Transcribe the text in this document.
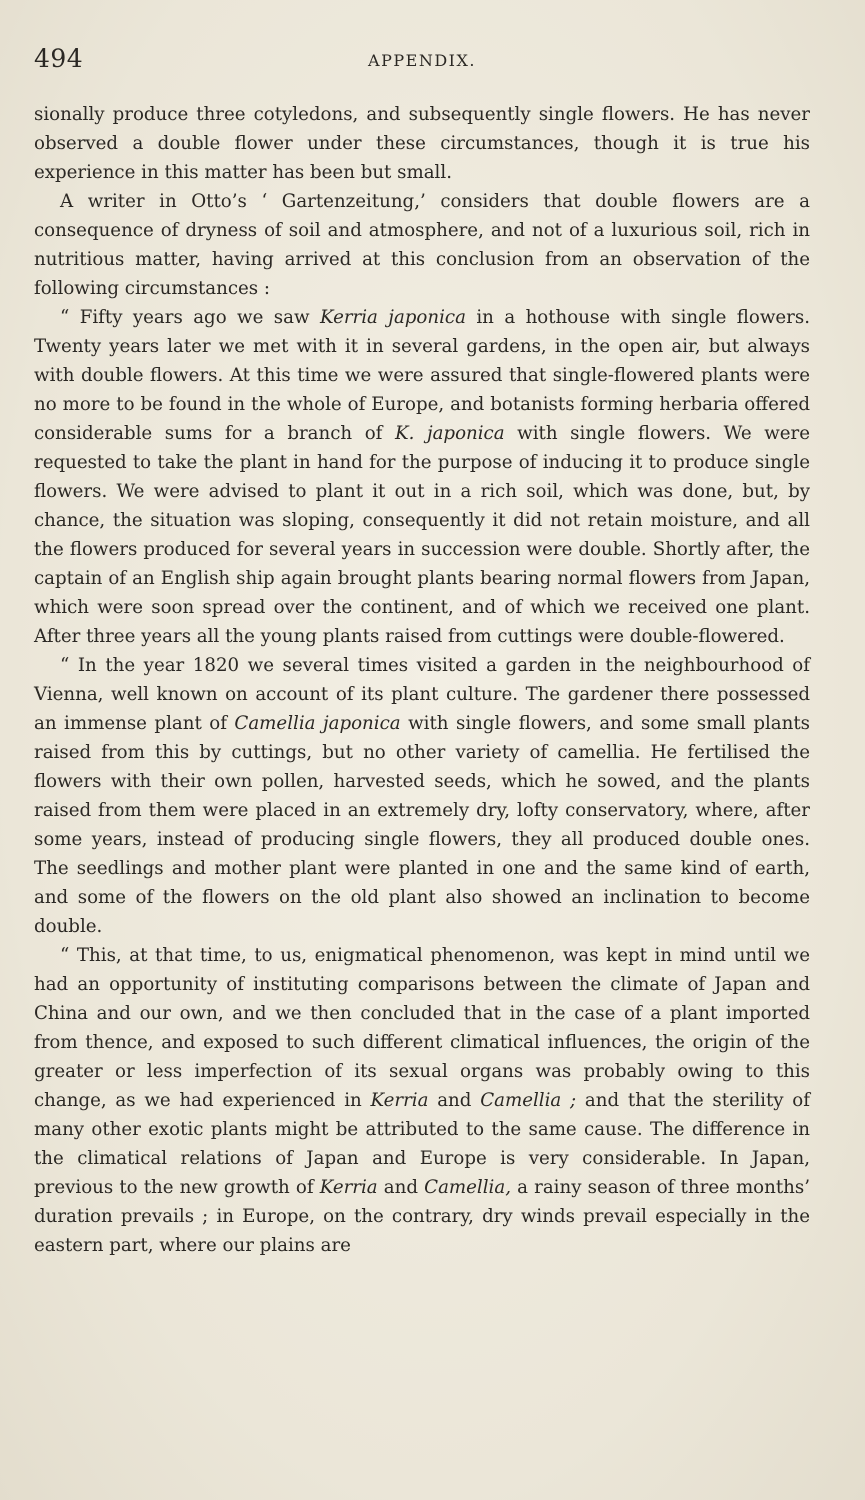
494	APPENDIX.

sionally produce three cotyledons, and subsequently single flowers. He has never observed a double flower under these circumstances, though it is true his experience in this matter has been but small.

A writer in Otto’s ‘ Gartenzeitung,’ considers that double flowers are a consequence of dryness of soil and atmosphere, and not of a luxurious soil, rich in nutritious matter, having arrived at this conclusion from an observation of the following circumstances :

“ Fifty years ago we saw Kerria japonica in a hothouse with single flowers. Twenty years later we met with it in several gardens, in the open air, but always with double flowers. At this time we were assured that single-flowered plants were no more to be found in the whole of Europe, and botanists forming herbaria offered considerable sums for a branch of K. japonica with single flowers. We were requested to take the plant in hand for the purpose of inducing it to produce single flowers. We were advised to plant it out in a rich soil, which was done, but, by chance, the situation was sloping, consequently it did not retain moisture, and all the flowers produced for several years in succession were double. Shortly after, the captain of an English ship again brought plants bearing normal flowers from Japan, which were soon spread over the continent, and of which we received one plant. After three years all the young plants raised from cuttings were double-flowered.

“ In the year 1820 we several times visited a garden in the neighbourhood of Vienna, well known on account of its plant culture. The gardener there possessed an immense plant of Camellia japonica with single flowers, and some small plants raised from this by cuttings, but no other variety of camellia. He fertilised the flowers with their own pollen, harvested seeds, which he sowed, and the plants raised from them were placed in an extremely dry, lofty conservatory, where, after some years, instead of producing single flowers, they all produced double ones. The seedlings and mother plant were planted in one and the same kind of earth, and some of the flowers on the old plant also showed an inclination to become double.

“ This, at that time, to us, enigmatical phenomenon, was kept in mind until we had an opportunity of instituting comparisons between the climate of Japan and China and our own, and we then concluded that in the case of a plant imported from thence, and exposed to such different climatical influences, the origin of the greater or less imperfection of its sexual organs was probably owing to this change, as we had experienced in Kerria and Camellia ; and that the sterility of many other exotic plants might be attributed to the same cause. The difference in the climatical relations of Japan and Europe is very considerable. In Japan, previous to the new growth of Kerria and Camellia, a rainy season of three months’ duration prevails ; in Europe, on the contrary, dry winds prevail especially in the eastern part, where our plains are
